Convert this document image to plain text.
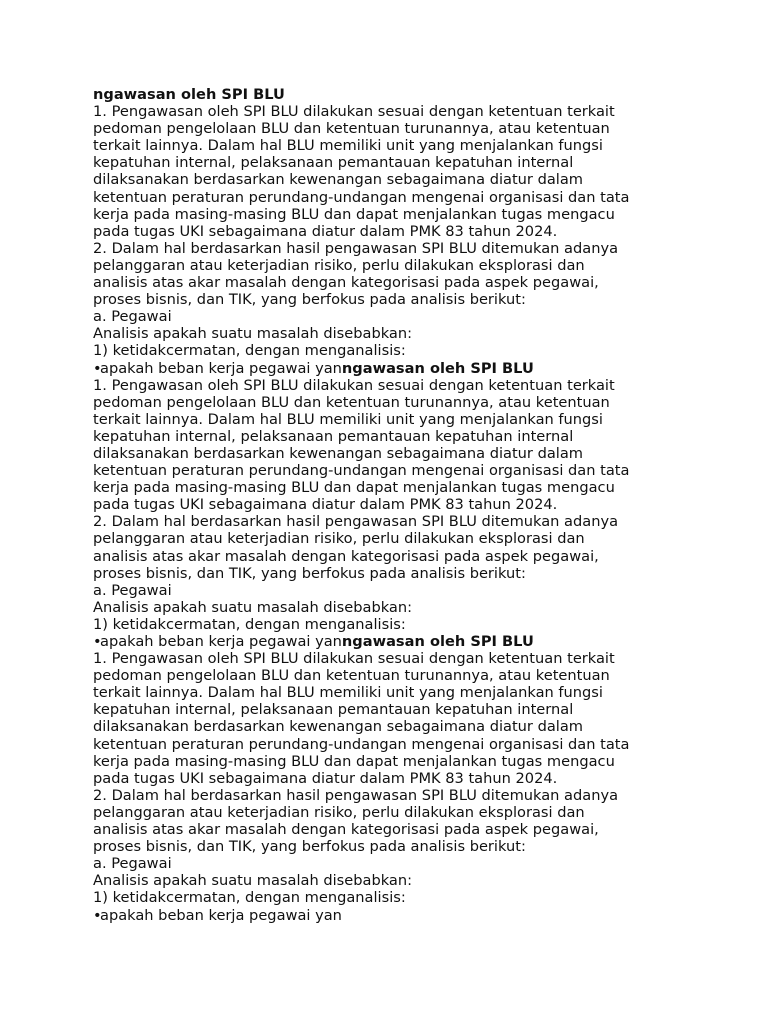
ngawasan oleh SPI BLU
1. Pengawasan oleh SPI BLU dilakukan sesuai dengan ketentuan terkait
pedoman pengelolaan BLU dan ketentuan turunannya, atau ketentuan
terkait lainnya. Dalam hal BLU memiliki unit yang menjalankan fungsi
kepatuhan internal, pelaksanaan pemantauan kepatuhan internal
dilaksanakan berdasarkan kewenangan sebagaimana diatur dalam
ketentuan peraturan perundang-undangan mengenai organisasi dan tata
kerja pada masing-masing BLU dan dapat menjalankan tugas mengacu
pada tugas UKI sebagaimana diatur dalam PMK 83 tahun 2024.
2. Dalam hal berdasarkan hasil pengawasan SPI BLU ditemukan adanya
pelanggaran atau keterjadian risiko, perlu dilakukan eksplorasi dan
analisis atas akar masalah dengan kategorisasi pada aspek pegawai,
proses bisnis, dan TIK, yang berfokus pada analisis berikut:
a. Pegawai
Analisis apakah suatu masalah disebabkan:
1) ketidakcermatan, dengan menganalisis:
•apakah beban kerja pegawai yanngawasan oleh SPI BLU
1. Pengawasan oleh SPI BLU dilakukan sesuai dengan ketentuan terkait
pedoman pengelolaan BLU dan ketentuan turunannya, atau ketentuan
terkait lainnya. Dalam hal BLU memiliki unit yang menjalankan fungsi
kepatuhan internal, pelaksanaan pemantauan kepatuhan internal
dilaksanakan berdasarkan kewenangan sebagaimana diatur dalam
ketentuan peraturan perundang-undangan mengenai organisasi dan tata
kerja pada masing-masing BLU dan dapat menjalankan tugas mengacu
pada tugas UKI sebagaimana diatur dalam PMK 83 tahun 2024.
2. Dalam hal berdasarkan hasil pengawasan SPI BLU ditemukan adanya
pelanggaran atau keterjadian risiko, perlu dilakukan eksplorasi dan
analisis atas akar masalah dengan kategorisasi pada aspek pegawai,
proses bisnis, dan TIK, yang berfokus pada analisis berikut:
a. Pegawai
Analisis apakah suatu masalah disebabkan:
1) ketidakcermatan, dengan menganalisis:
•apakah beban kerja pegawai yanngawasan oleh SPI BLU
1. Pengawasan oleh SPI BLU dilakukan sesuai dengan ketentuan terkait
pedoman pengelolaan BLU dan ketentuan turunannya, atau ketentuan
terkait lainnya. Dalam hal BLU memiliki unit yang menjalankan fungsi
kepatuhan internal, pelaksanaan pemantauan kepatuhan internal
dilaksanakan berdasarkan kewenangan sebagaimana diatur dalam
ketentuan peraturan perundang-undangan mengenai organisasi dan tata
kerja pada masing-masing BLU dan dapat menjalankan tugas mengacu
pada tugas UKI sebagaimana diatur dalam PMK 83 tahun 2024.
2. Dalam hal berdasarkan hasil pengawasan SPI BLU ditemukan adanya
pelanggaran atau keterjadian risiko, perlu dilakukan eksplorasi dan
analisis atas akar masalah dengan kategorisasi pada aspek pegawai,
proses bisnis, dan TIK, yang berfokus pada analisis berikut:
a. Pegawai
Analisis apakah suatu masalah disebabkan:
1) ketidakcermatan, dengan menganalisis:
•apakah beban kerja pegawai yan
